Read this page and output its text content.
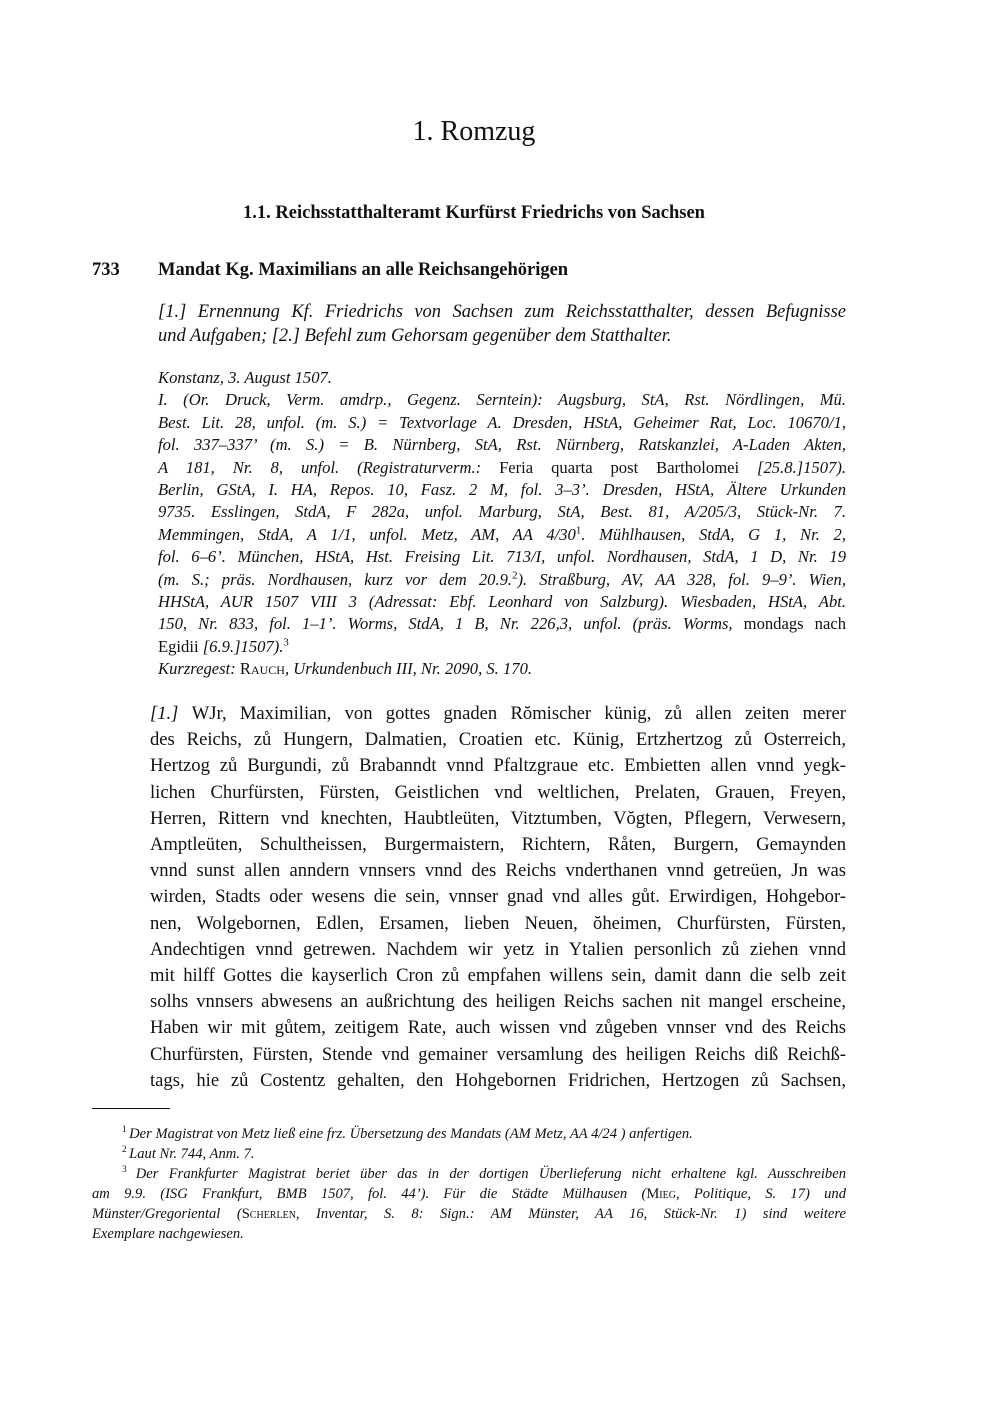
1. Romzug
1.1. Reichsstatthalteramt Kurfürst Friedrichs von Sachsen
733 Mandat Kg. Maximilians an alle Reichsangehörigen
[1.] Ernennung Kf. Friedrichs von Sachsen zum Reichsstatthalter, dessen Befugnisse
und Aufgaben; [2.] Befehl zum Gehorsam gegenüber dem Statthalter.
Konstanz, 3. August 1507.
I. (Or. Druck, Verm. amdrp., Gegenz. Serntein): Augsburg, StA, Rst. Nördlingen, Mü.
Best. Lit. 28, unfol. (m. S.) = Textvorlage A. Dresden, HStA, Geheimer Rat, Loc. 10670/1,
fol. 337–337’ (m. S.) = B. Nürnberg, StA, Rst. Nürnberg, Ratskanzlei, A-Laden Akten,
A 181, Nr. 8, unfol. (Registraturverm.: Feria quarta post Bartholomei [25.8.]1507).
Berlin, GStA, I. HA, Repos. 10, Fasz. 2 M, fol. 3–3’. Dresden, HStA, Ältere Urkunden
9735. Esslingen, StdA, F 282a, unfol. Marburg, StA, Best. 81, A/205/3, Stück-Nr. 7.
Memmingen, StdA, A 1/1, unfol. Metz, AM, AA $4/30^1$. Mühlhausen, StdA, G 1, Nr. 2,
fol. 6–6’. München, HStA, Hst. Freising Lit. 713/I, unfol. Nordhausen, StdA, 1 D, Nr. 19
(m. S.; präs. Nordhausen, kurz vor dem 20.9.$^2$). Straßburg, AV, AA 328, fol. 9–9’. Wien,
HHStA, AUR 1507 VIII 3 (Adressat: Ebf. Leonhard von Salzburg). Wiesbaden, HStA, Abt.
150, Nr. 833, fol. 1–1’. Worms, StdA, 1 B, Nr. 226,3, unfol. (präs. Worms, mondags nach
Egidii [6.9.]1507).$^3$
Kurzregest: Rauch, Urkundenbuch III, Nr. 2090, S. 170.
[1.] WJr, Maximilian, von gottes gnaden Rŏmischer künig, zů allen zeiten merer
des Reichs, zů Hungern, Dalmatien, Croatien etc. Künig, Ertzhertzog zů Osterreich,
Hertzog zů Burgundi, zů Brabanndt vnnd Pfaltzgraue etc. Embietten allen vnnd yegk-
lichen Churfürsten, Fürsten, Geistlichen vnd weltlichen, Prelaten, Grauen, Freyen,
Herren, Rittern vnd knechten, Haubtleüten, Vitztumben, Vŏgten, Pflegern, Verwesern,
Amptleüten, Schultheissen, Burgermaistern, Richtern, Råten, Burgern, Gemaynden
vnnd sunst allen anndern vnnsers vnnd des Reichs vnderthanen vnnd getreüen, Jn was
wirden, Stadts oder wesens die sein, vnnser gnad vnd alles gůt. Erwirdigen, Hohgebor-
nen, Wolgebornen, Edlen, Ersamen, lieben Neuen, ŏheimen, Churfürsten, Fürsten,
Andechtigen vnnd getrewen. Nachdem wir yetz in Ytalien personlich zů ziehen vnnd
mit hilff Gottes die kayserlich Cron zů empfahen willens sein, damit dann die selb zeit
solhs vnnsers abwesens an außrichtung des heiligen Reichs sachen nit mangel erscheine,
Haben wir mit gůtem, zeitigem Rate, auch wissen vnd zůgeben vnnser vnd des Reichs
Churfürsten, Fürsten, Stende vnd gemainer versamlung des heiligen Reichs diß Reichß-
tags, hie zů Costentz gehalten, den Hohgebornen Fridrichen, Hertzogen zů Sachsen,
$^1$ Der Magistrat von Metz ließ eine frz. Übersetzung des Mandats (AM Metz, AA 4/24 ) anfertigen.
$^2$ Laut Nr. 744, Anm. 7.
$^3$ Der Frankfurter Magistrat beriet über das in der dortigen Überlieferung nicht erhaltene kgl. Ausschreiben
am 9.9. (ISG Frankfurt, BMB 1507, fol. 44’). Für die Städte Mülhausen (Mieg, Politique, S. 17) und
Münster/Gregoriental (Scherlen, Inventar, S. 8: Sign.: AM Münster, AA 16, Stück-Nr. 1) sind weitere
Exemplare nachgewiesen.
